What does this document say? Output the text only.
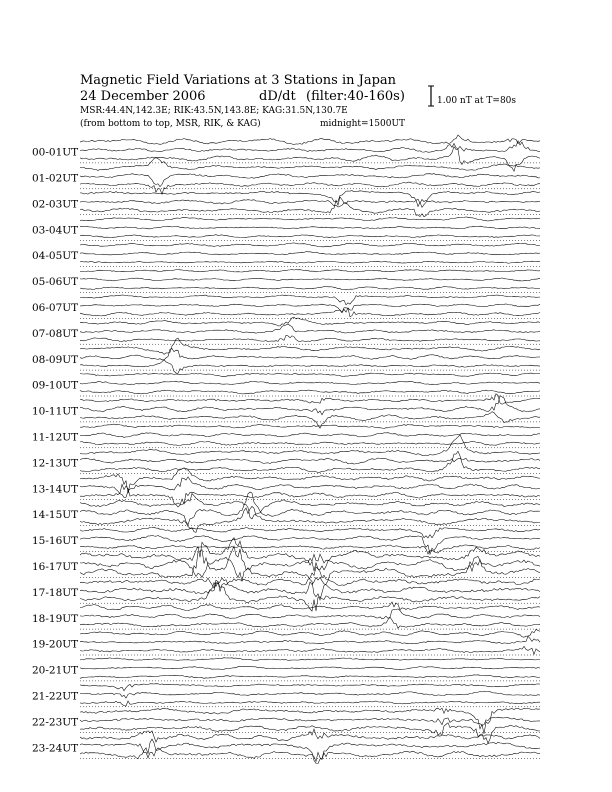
Magnetic Field Variations at 3 Stations in Japan
24 December 2006	dD/dt (filter:40-160s)
MSR:44.4N,142.3E; RIK:43.5N,143.8E; KAG:31.5N,130.7E
(from bottom to top, MSR, RIK, & KAG)	midnight=1500UT
1.00 nT at T=80s
00-01UT
01-02UT
02-03UT
03-04UT
04-05UT
05-06UT
06-07UT
07-08UT
08-09UT
09-10UT
10-11UT
11-12UT
12-13UT
13-14UT
14-15UT
15-16UT
16-17UT
17-18UT
18-19UT
19-20UT
20-21UT
21-22UT
22-23UT
23-24UT
